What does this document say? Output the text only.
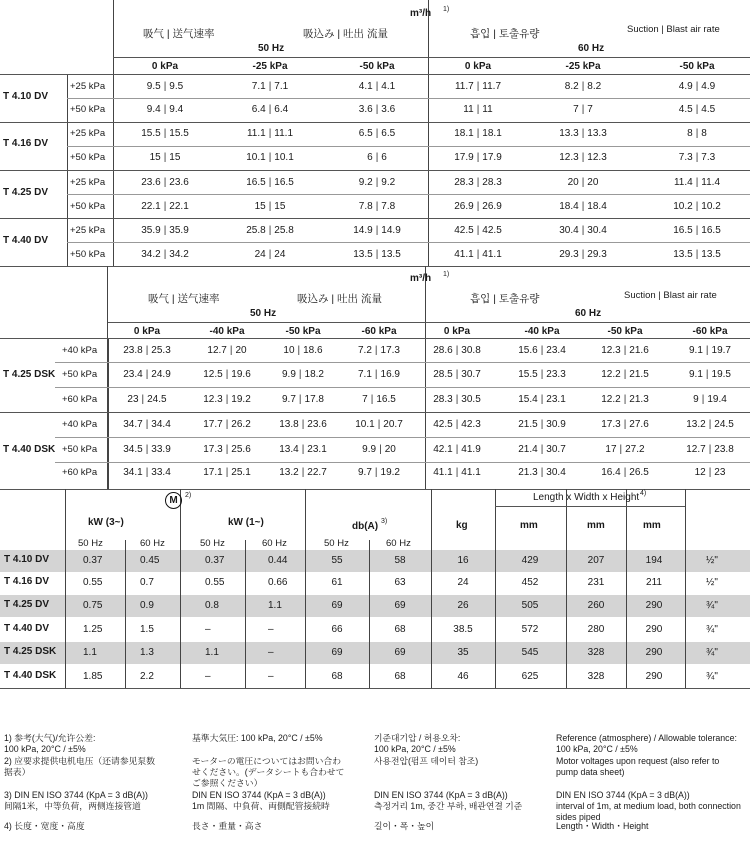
m³/h 1)
吸气 | 送气速率	吸込み | 吐出 流量	흡입 | 토출유량	Suction | Blast air rate
50 Hz	60 Hz
0 kPa	-25 kPa	-50 kPa	0 kPa	-25 kPa	-50 kPa
T 4.10 DV
+25 kPa	9.5 | 9.5	7.1 | 7.1	4.1 | 4.1	11.7 | 11.7	8.2 | 8.2	4.9 | 4.9
+50 kPa	9.4 | 9.4	6.4 | 6.4	3.6 | 3.6	11 | 11	7 | 7	4.5 | 4.5
T 4.16 DV
+25 kPa	15.5 | 15.5	11.1 | 11.1	6.5 | 6.5	18.1 | 18.1	13.3 | 13.3	8 | 8
+50 kPa	15 | 15	10.1 | 10.1	6 | 6	17.9 | 17.9	12.3 | 12.3	7.3 | 7.3
T 4.25 DV
+25 kPa	23.6 | 23.6	16.5 | 16.5	9.2 | 9.2	28.3 | 28.3	20 | 20	11.4 | 11.4
+50 kPa	22.1 | 22.1	15 | 15	7.8 | 7.8	26.9 | 26.9	18.4 | 18.4	10.2 | 10.2
T 4.40 DV
+25 kPa	35.9 | 35.9	25.8 | 25.8	14.9 | 14.9	42.5 | 42.5	30.4 | 30.4	16.5 | 16.5
+50 kPa	34.2 | 34.2	24 | 24	13.5 | 13.5	41.1 | 41.1	29.3 | 29.3	13.5 | 13.5
m³/h 1)
吸气 | 送气速率	吸込み | 吐出 流量	흡입 | 토출유량	Suction | Blast air rate
50 Hz	60 Hz
0 kPa	-40 kPa	-50 kPa	-60 kPa	0 kPa	-40 kPa	-50 kPa	-60 kPa
+40 kPa	23.8 | 25.3	12.7 | 20	10 | 18.6	7.2 | 17.3	28.6 | 30.8	15.6 | 23.4	12.3 | 21.6	9.1 | 19.7
T 4.25 DSK +50 kPa	23.4 | 24.9	12.5 | 19.6	9.9 | 18.2	7.1 | 16.9	28.5 | 30.7	15.5 | 23.3	12.2 | 21.5	9.1 | 19.5
+60 kPa	23 | 24.5	12.3 | 19.2	9.7 | 17.8	7 | 16.5	28.3 | 30.5	15.4 | 23.1	12.2 | 21.3	9 | 19.4
+40 kPa	34.7 | 34.4	17.7 | 26.2	13.8 | 23.6	10.1 | 20.7	42.5 | 42.3	21.5 | 30.9	17.3 | 27.6	13.2 | 24.5
T 4.40 DSK +50 kPa	34.5 | 33.9	17.3 | 25.6	13.4 | 23.1	9.9 | 20	42.1 | 41.9	21.4 | 30.7	17 | 27.2	12.7 | 23.8
+60 kPa	34.1 | 33.4	17.1 | 25.1	13.2 | 22.7	9.7 | 19.2	41.1 | 41.1	21.3 | 30.4	16.4 | 26.5	12 | 23
M	2)	Length x Width x Height 4)
kW (3~)	kW (1~)	db(A) 3)	kg	mm	mm	mm
50 Hz	60 Hz	50 Hz	60 Hz	50 Hz	60 Hz
T 4.10 DV	0.37	0.45	0.37	0.44	55	58	16	429	207	194	½"
T 4.16 DV	0.55	0.7	0.55	0.66	61	63	24	452	231	211	½"
T 4.25 DV	0.75	0.9	0.8	1.1	69	69	26	505	260	290	¾"
T 4.40 DV	1.25	1.5	–	–	66	68	38.5	572	280	290	¾"
T 4.25 DSK	1.1	1.3	1.1	–	69	69	35	545	328	290	¾"
T 4.40 DSK	1.85	2.2	–	–	68	68	46	625	328	290	¾"
1) 参考(大气)/允许公差:
100 kPa, 20°C / ±5%
2) 应要求提供电机电压（还请参见泵数
据表）
3) DIN EN ISO 3744 (KpA = 3 dB(A))
间隔1米，中等负荷，两侧连接管道
4) 长度・宽度・高度
基準大気圧: 100 kPa, 20°C / ±5%
モーターの電圧についてはお問い合わ
せください。(データシートも合わせて
ご参照ください）
DIN EN ISO 3744 (KpA = 3 dB(A))
1m 間隔、中負荷、両側配管接続時
長さ・重量・高さ
기준대기압 / 허용오차:
100 kPa, 20°C / ±5%
사용전압(펌프 데이터 참조)
DIN EN ISO 3744 (KpA = 3 dB(A))
측정거리 1m, 중간 부하, 배관연결 기준
길이・폭・높이
Reference (atmosphere) / Allowable tolerance:
100 kPa, 20°C / ±5%
Motor voltages upon request (also refer to
pump data sheet)
DIN EN ISO 3744 (KpA = 3 dB(A))
interval of 1m, at medium load, both connection
sides piped
Length・Width・Height
